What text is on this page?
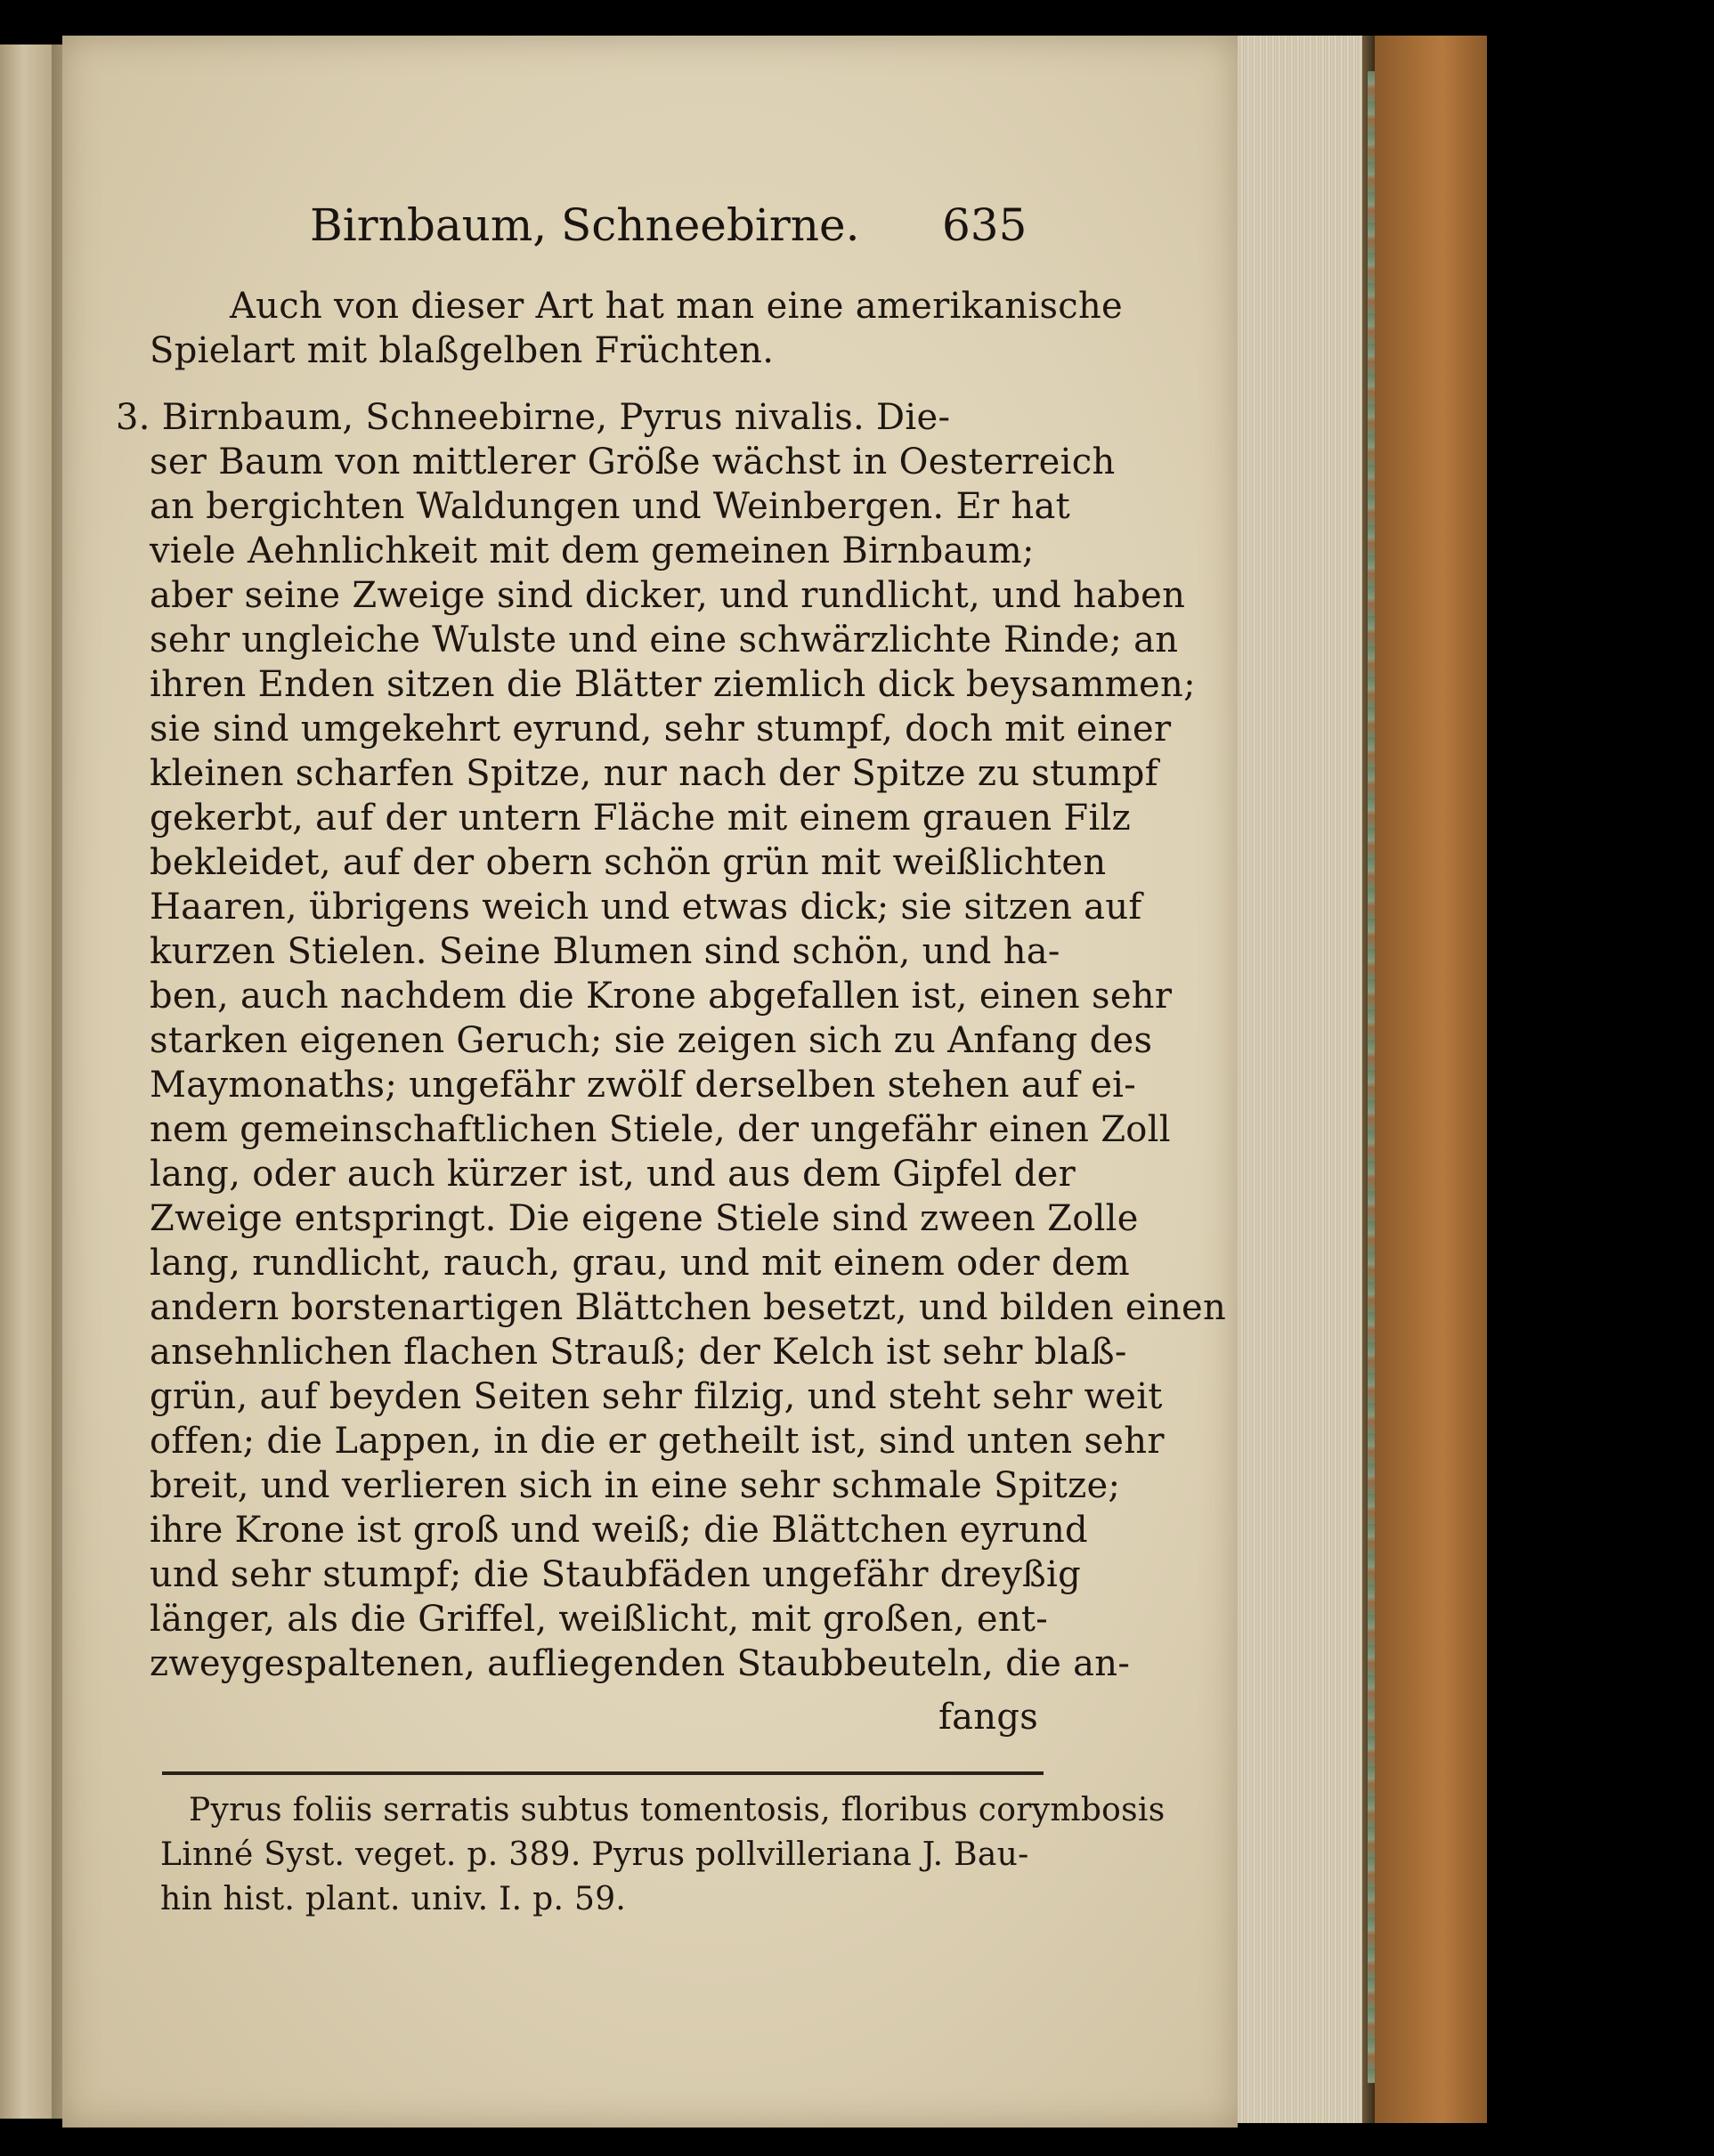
Birnbaum, Schneebirne. 635
Auch von dieser Art hat man eine amerikanische
Spielart mit blaßgelben Früchten.
3. Birnbaum, Schneebirne, Pyrus nivalis. Die-
ser Baum von mittlerer Größe wächst in Oesterreich
an bergichten Waldungen und Weinbergen. Er hat
viele Aehnlichkeit mit dem gemeinen Birnbaum;
aber seine Zweige sind dicker, und rundlicht, und haben
sehr ungleiche Wulste und eine schwärzlichte Rinde; an
ihren Enden sitzen die Blätter ziemlich dick beysammen;
sie sind umgekehrt eyrund, sehr stumpf, doch mit einer
kleinen scharfen Spitze, nur nach der Spitze zu stumpf
gekerbt, auf der untern Fläche mit einem grauen Filz
bekleidet, auf der obern schön grün mit weißlichten
Haaren, übrigens weich und etwas dick; sie sitzen auf
kurzen Stielen. Seine Blumen sind schön, und ha-
ben, auch nachdem die Krone abgefallen ist, einen sehr
starken eigenen Geruch; sie zeigen sich zu Anfang des
Maymonaths; ungefähr zwölf derselben stehen auf ei-
nem gemeinschaftlichen Stiele, der ungefähr einen Zoll
lang, oder auch kürzer ist, und aus dem Gipfel der
Zweige entspringt. Die eigene Stiele sind zween Zolle
lang, rundlicht, rauch, grau, und mit einem oder dem
andern borstenartigen Blättchen besetzt, und bilden einen
ansehnlichen flachen Strauß; der Kelch ist sehr blaß-
grün, auf beyden Seiten sehr filzig, und steht sehr weit
offen; die Lappen, in die er getheilt ist, sind unten sehr
breit, und verlieren sich in eine sehr schmale Spitze;
ihre Krone ist groß und weiß; die Blättchen eyrund
und sehr stumpf; die Staubfäden ungefähr dreyßig
länger, als die Griffel, weißlicht, mit großen, ent-
zweygespaltenen, aufliegenden Staubbeuteln, die an-
fangs
Pyrus foliis serratis subtus tomentosis, floribus corymbosis
Linné Syst. veget. p. 389. Pyrus pollvilleriana J. Bau-
hin hist. plant. univ. I. p. 59.
